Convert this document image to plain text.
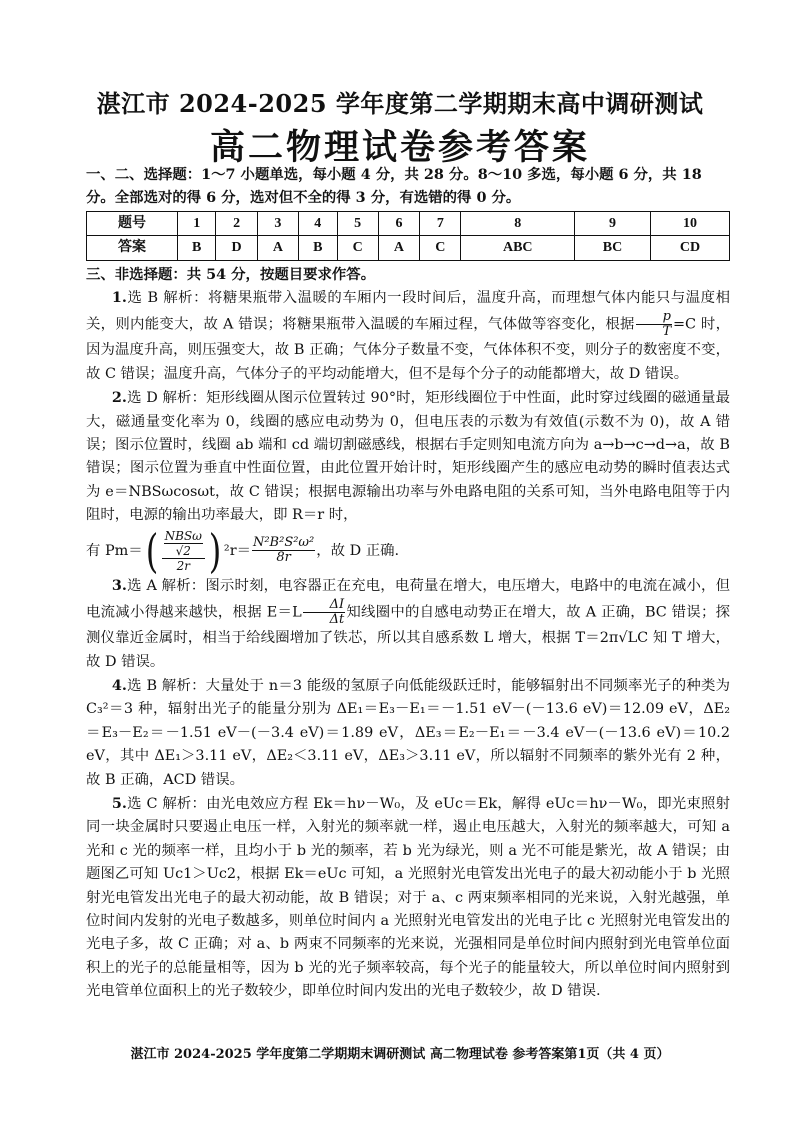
湛江市 2024-2025 学年度第二学期期末高中调研测试
高二物理试卷参考答案

一、二、选择题：1～7 小题单选，每小题 4 分，共 28 分。8～10 多选，每小题 6 分，共 18 分。全部选对的得 6 分，选对但不全的得 3 分，有选错的得 0 分。

题号	1	2	3	4	5	6	7	8	9	10
答案	B	D	A	B	C	A	C	ABC	BC	CD

三、非选择题：共 54 分，按题目要求作答。

1.选 B 解析：将糖果瓶带入温暖的车厢内一段时间后，温度升高，而理想气体内能只与温度相关，则内能变大，故 A 错误；将糖果瓶带入温暖的车厢过程，气体做等容变化，根据 $\frac{p}{T} =C$ 时，因为温度升高，则压强变大，故 B 正确；气体分子数量不变，气体体积不变，则分子的数密度不变，故 C 错误；温度升高，气体分子的平均动能增大，但不是每个分子的动能都增大，故 D 错误。

2.选 D 解析：矩形线圈从图示位置转过 90°时，矩形线圈位于中性面，此时穿过线圈的磁通量最大，磁通量变化率为 0，线圈的感应电动势为 0，但电压表的示数为有效值(示数不为 0)，故 A 错误；图示位置时，线圈 ab 端和 cd 端切割磁感线，根据右手定则知电流方向为 a→b→c→d→a，故 B 错误；图示位置为垂直中性面位置，由此位置开始计时，矩形线圈产生的感应电动势的瞬时值表达式为 e＝NBSωcosωt，故 C 错误；根据电源输出功率与外电路电阻的关系可知，当外电路电阻等于内阻时，电源的输出功率最大，即 R＝r 时，

有 Pm＝( NBSω
√2
2r ) $^2r= \frac{\text{N²B²S²ω²}}{8r}$ ，故 D 正确.

3.选 A 解析：图示时刻，电容器正在充电，电荷量在增大，电压增大，电路中的电流在减小，但电流减小得越来越快，根据 $E=L \frac{\Delta I}{\Delta t}$ 知线圈中的自感电动势正在增大，故 A 正确，BC 错误；探测仪靠近金属时，相当于给线圈增加了铁芯，所以其自感系数 L 增大，根据 T＝2π√LC 知 T 增大，故 D 错误。

4.选 B 解析：大量处于 n＝3 能级的氢原子向低能级跃迁时，能够辐射出不同频率光子的种类为 C₃²＝3 种，辐射出光子的能量分别为 ΔE₁＝E₃－E₁＝－1.51 eV－(－13.6 eV)＝12.09 eV，ΔE₂＝E₃－E₂＝－1.51 eV－(－3.4 eV)＝1.89 eV，ΔE₃＝E₂－E₁＝－3.4 eV－(－13.6 eV)＝10.2 eV，其中 ΔE₁＞3.11 eV，ΔE₂＜3.11 eV，ΔE₃＞3.11 eV，所以辐射不同频率的紫外光有 2 种，故 B 正确，ACD 错误。

5.选 C 解析：由光电效应方程 Ek＝hν－W₀，及 eUc＝Ek，解得 eUc＝hν－W₀，即光束照射同一块金属时只要遏止电压一样，入射光的频率就一样，遏止电压越大，入射光的频率越大，可知 a 光和 c 光的频率一样，且均小于 b 光的频率，若 b 光为绿光，则 a 光不可能是紫光，故 A 错误；由题图乙可知 Uc1＞Uc2，根据 Ek＝eUc 可知，a 光照射光电管发出光电子的最大初动能小于 b 光照射光电管发出光电子的最大初动能，故 B 错误；对于 a、c 两束频率相同的光来说，入射光越强，单位时间内发射的光电子数越多，则单位时间内 a 光照射光电管发出的光电子比 c 光照射光电管发出的光电子多，故 C 正确；对 a、b 两束不同频率的光来说，光强相同是单位时间内照射到光电管单位面积上的光子的总能量相等，因为 b 光的光子频率较高，每个光子的能量较大，所以单位时间内照射到光电管单位面积上的光子数较少，即单位时间内发出的光电子数较少，故 D 错误.

湛江市 2024-2025 学年度第二学期期末调研测试 高二物理试卷 参考答案第1页（共 4 页）
